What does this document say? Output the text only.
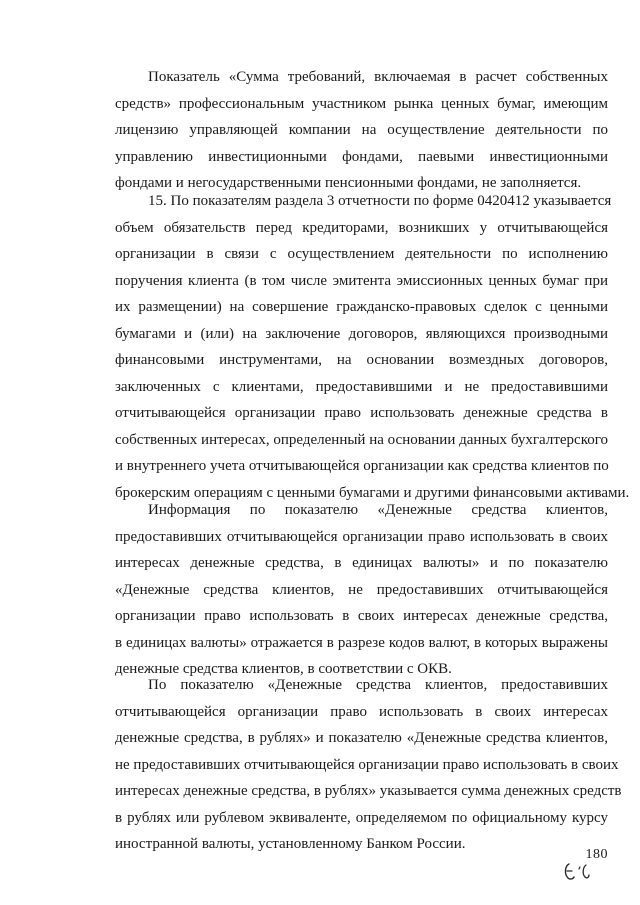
Показатель «Сумма требований, включаемая в расчет собственных
средств» профессиональным участником рынка ценных бумаг, имеющим
лицензию управляющей компании на осуществление деятельности по
управлению инвестиционными фондами, паевыми инвестиционными
фондами и негосударственными пенсионными фондами, не заполняется.
15. По показателям раздела 3 отчетности по форме 0420412 указывается
объем обязательств перед кредиторами, возникших у отчитывающейся
организации в связи с осуществлением деятельности по исполнению
поручения клиента (в том числе эмитента эмиссионных ценных бумаг при
их размещении) на совершение гражданско-правовых сделок с ценными
бумагами и (или) на заключение договоров, являющихся производными
финансовыми инструментами, на основании возмездных договоров,
заключенных с клиентами, предоставившими и не предоставившими
отчитывающейся организации право использовать денежные средства в
собственных интересах, определенный на основании данных бухгалтерского
и внутреннего учета отчитывающейся организации как средства клиентов по
брокерским операциям с ценными бумагами и другими финансовыми активами.
Информация по показателю «Денежные средства клиентов,
предоставивших отчитывающейся организации право использовать в своих
интересах денежные средства, в единицах валюты» и по показателю
«Денежные средства клиентов, не предоставивших отчитывающейся
организации право использовать в своих интересах денежные средства,
в единицах валюты» отражается в разрезе кодов валют, в которых выражены
денежные средства клиентов, в соответствии с ОКВ.
По показателю «Денежные средства клиентов, предоставивших
отчитывающейся организации право использовать в своих интересах
денежные средства, в рублях» и показателю «Денежные средства клиентов,
не предоставивших отчитывающейся организации право использовать в своих
интересах денежные средства, в рублях» указывается сумма денежных средств
в рублях или рублевом эквиваленте, определяемом по официальному курсу
иностранной валюты, установленному Банком России.
180
